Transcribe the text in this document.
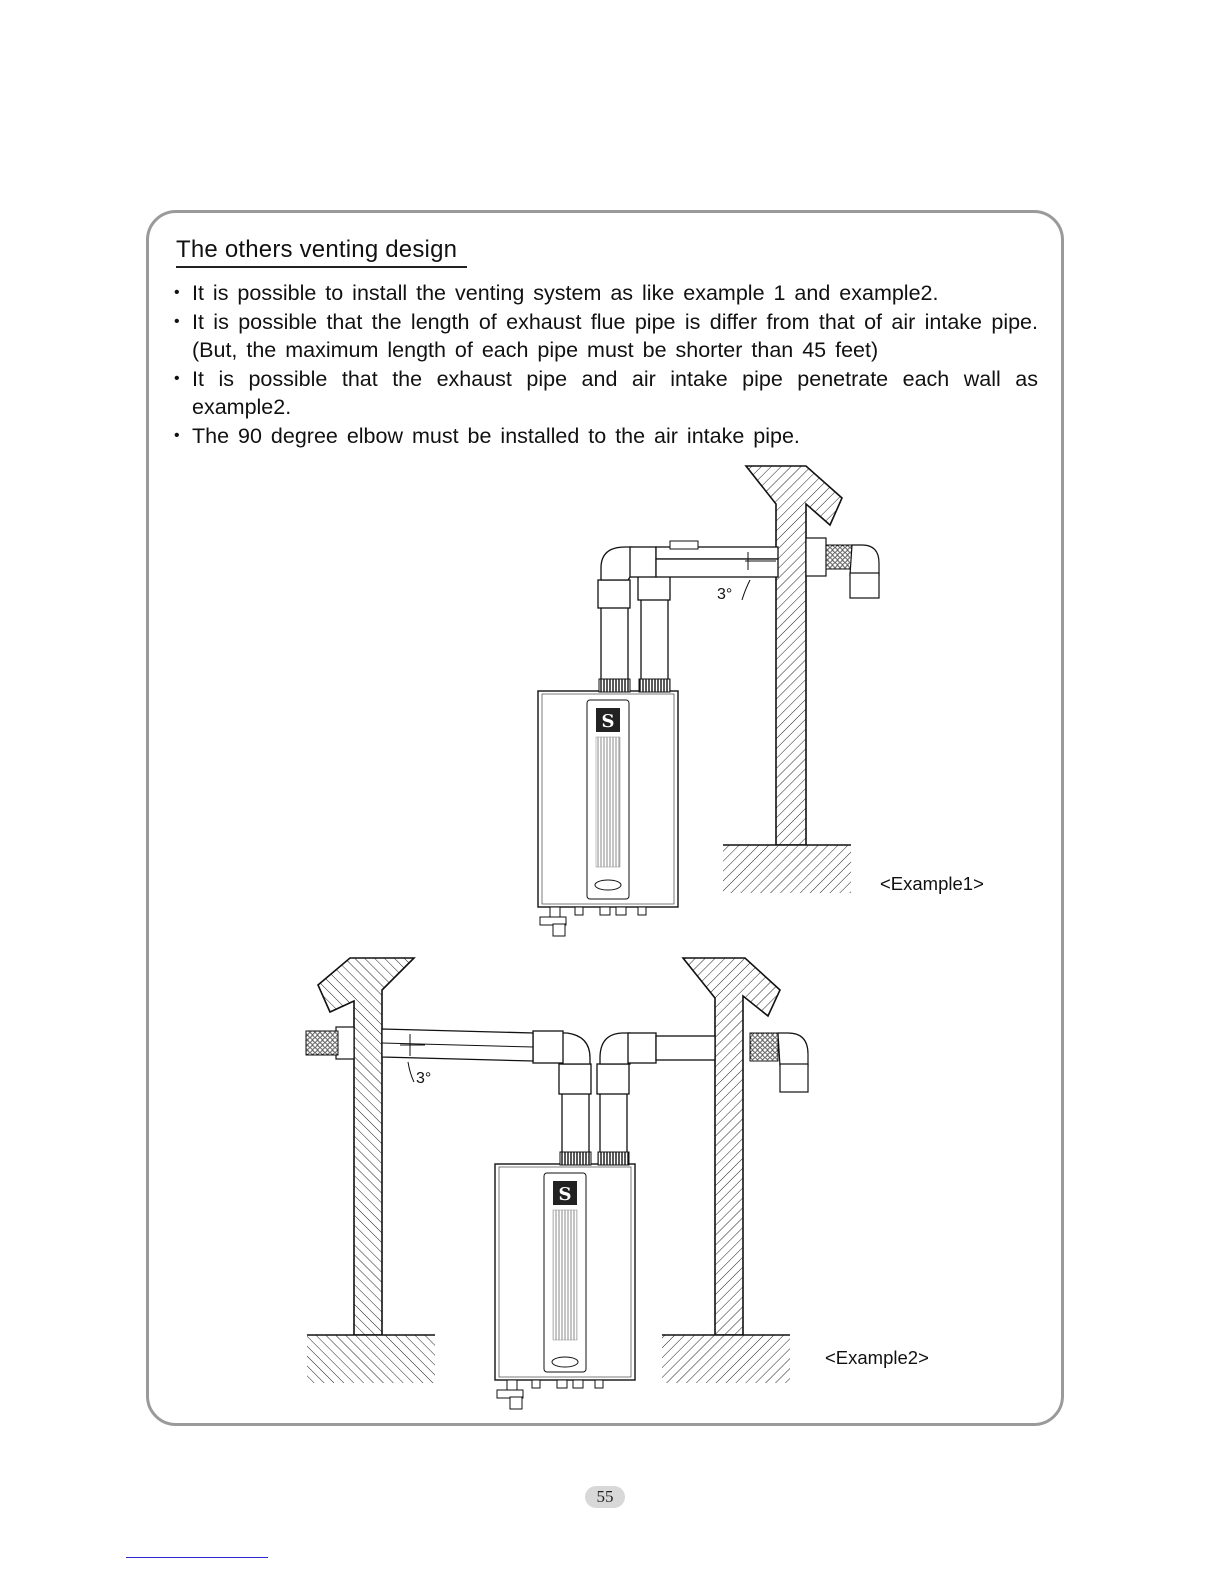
The others venting design
• It is possible to install the venting system as like example 1 and example2.
• It is possible that the length of exhaust flue pipe is differ from that of air intake pipe. (But, the maximum length of each pipe must be shorter than 45 feet)
• It is possible that the exhaust pipe and air intake pipe penetrate each wall as example2.
• The 90 degree elbow must be installed to the air intake pipe.
S
3°
<Example1>
S
3°
<Example2>
55
